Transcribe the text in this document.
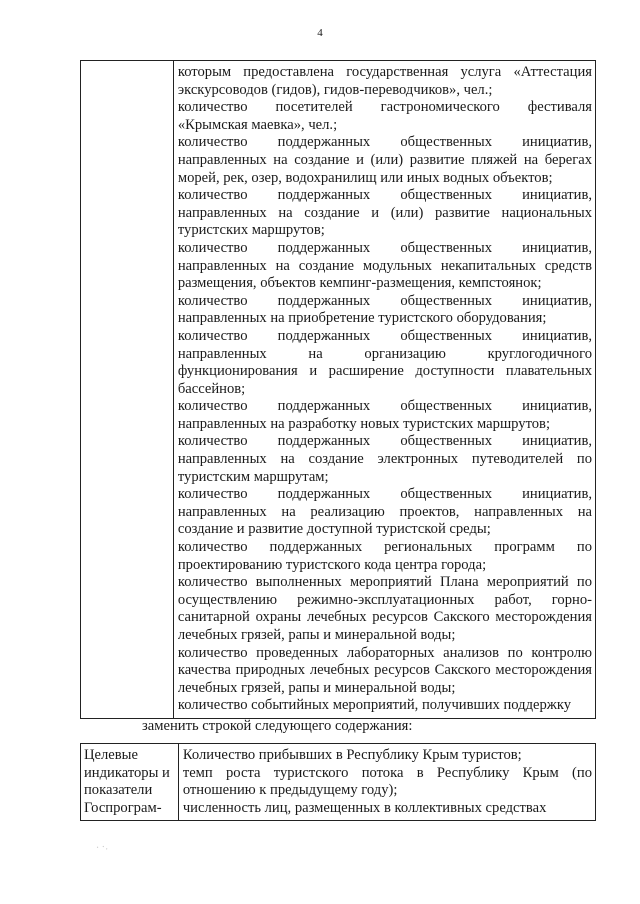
4

которым предоставлена государственная услуга «Аттестация экскурсоводов (гидов), гидов-переводчиков», чел.;
количество посетителей гастрономического фестиваля «Крымская маевка», чел.;
количество поддержанных общественных инициатив, направленных на создание и (или) развитие пляжей на берегах морей, рек, озер, водохранилищ или иных водных объектов;
количество поддержанных общественных инициатив, направленных на создание и (или) развитие национальных туристских маршрутов;
количество поддержанных общественных инициатив, направленных на создание модульных некапитальных средств размещения, объектов кемпинг-размещения, кемпстоянок;
количество поддержанных общественных инициатив, направленных на приобретение туристского оборудования;
количество поддержанных общественных инициатив, направленных на организацию круглогодичного функционирования и расширение доступности плавательных бассейнов;
количество поддержанных общественных инициатив, направленных на разработку новых туристских маршрутов;
количество поддержанных общественных инициатив, направленных на создание электронных путеводителей по туристским маршрутам;
количество поддержанных общественных инициатив, направленных на реализацию проектов, направленных на создание и развитие доступной туристской среды;
количество поддержанных региональных программ по проектированию туристского кода центра города;
количество выполненных мероприятий Плана мероприятий по осуществлению режимно-эксплуатационных работ, горно-санитарной охраны лечебных ресурсов Сакского месторождения лечебных грязей, рапы и минеральной воды;
количество проведенных лабораторных анализов по контролю качества природных лечебных ресурсов Сакского месторождения лечебных грязей, рапы и минеральной воды;
количество событийных мероприятий, получивших поддержку
заменить строкой следующего содержания:
Целевые индикаторы и показатели Госпрограм-

Количество прибывших в Республику Крым туристов;
темп роста туристского потока в Республику Крым (по отношению к предыдущему году);
численность лиц, размещенных в коллективных средствах
· ·.
